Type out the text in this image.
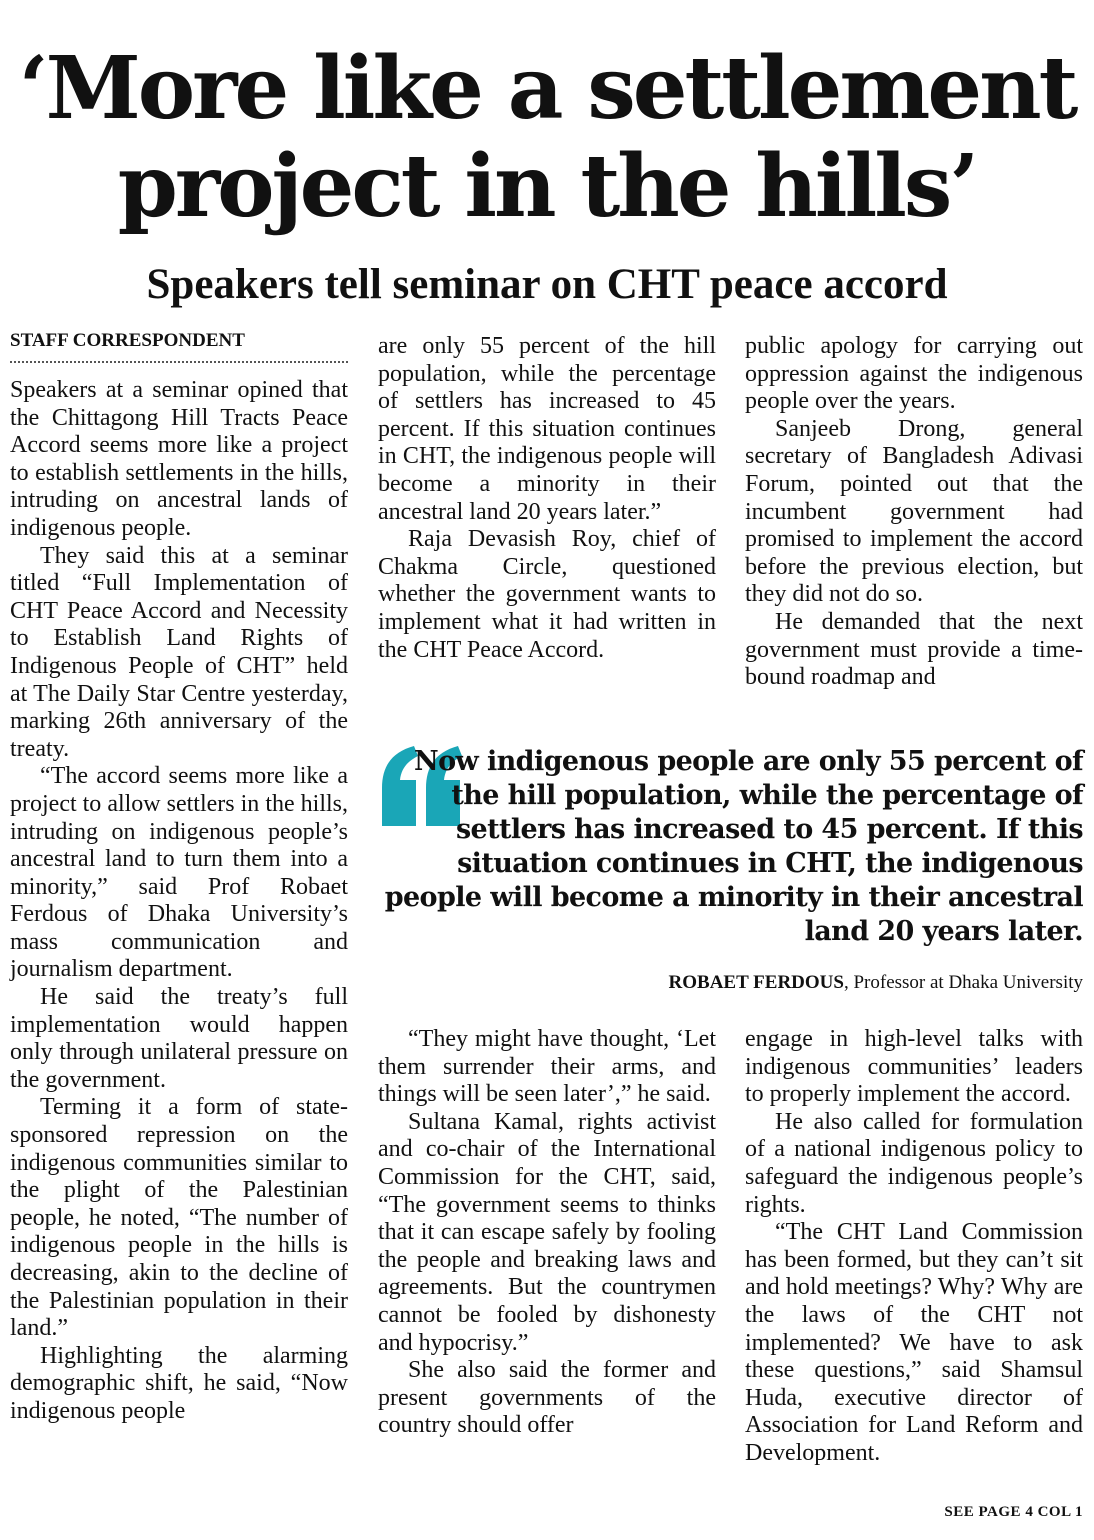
‘More like a settlement
project in the hills’
Speakers tell seminar on CHT peace accord
STAFF CORRESPONDENT

Speakers at a seminar opined that the Chittagong Hill Tracts Peace Accord seems more like a project to establish settlements in the hills, intruding on ancestral lands of indigenous people.

They said this at a seminar titled “Full Implementation of CHT Peace Accord and Necessity to Establish Land Rights of Indigenous People of CHT” held at The Daily Star Centre yesterday, marking 26th anniversary of the treaty.

“The accord seems more like a project to allow settlers in the hills, intruding on indigenous people’s ancestral land to turn them into a minority,” said Prof Robaet Ferdous of Dhaka University’s mass communication and journalism department.

He said the treaty’s full implementation would happen only through unilateral pressure on the government.

Terming it a form of state-sponsored repression on the indigenous communities similar to the plight of the Palestinian people, he noted, “The number of indigenous people in the hills is decreasing, akin to the decline of the Palestinian population in their land.”

Highlighting the alarming demographic shift, he said, “Now indigenous people

are only 55 percent of the hill population, while the percentage of settlers has increased to 45 percent. If this situation continues in CHT, the indigenous people will become a minority in their ancestral land 20 years later.”

Raja Devasish Roy, chief of Chakma Circle, questioned whether the government wants to implement what it had written in the CHT Peace Accord.

public apology for carrying out oppression against the indigenous people over the years.

Sanjeeb Drong, general secretary of Bangladesh Adivasi Forum, pointed out that the incumbent government had promised to implement the accord before the previous election, but they did not do so.

He demanded that the next government must provide a time-bound roadmap and

Now indigenous people are only 55 percent of the hill population, while the percentage of settlers has increased to 45 percent. If this situation continues in CHT, the indigenous people will become a minority in their ancestral land 20 years later.
ROBAET FERDOUS, Professor at Dhaka University

“They might have thought, ‘Let them surrender their arms, and things will be seen later’,” he said.

Sultana Kamal, rights activist and co-chair of the International Commission for the CHT, said, “The government seems to thinks that it can escape safely by fooling the people and breaking laws and agreements. But the countrymen cannot be fooled by dishonesty and hypocrisy.”

She also said the former and present governments of the country should offer

engage in high-level talks with indigenous communities’ leaders to properly implement the accord.

He also called for formulation of a national indigenous policy to safeguard the indigenous people’s rights.

“The CHT Land Commission has been formed, but they can’t sit and hold meetings? Why? Why are the laws of the CHT not implemented? We have to ask these questions,” said Shamsul Huda, executive director of Association for Land Reform and Development.

SEE PAGE 4 COL 1
